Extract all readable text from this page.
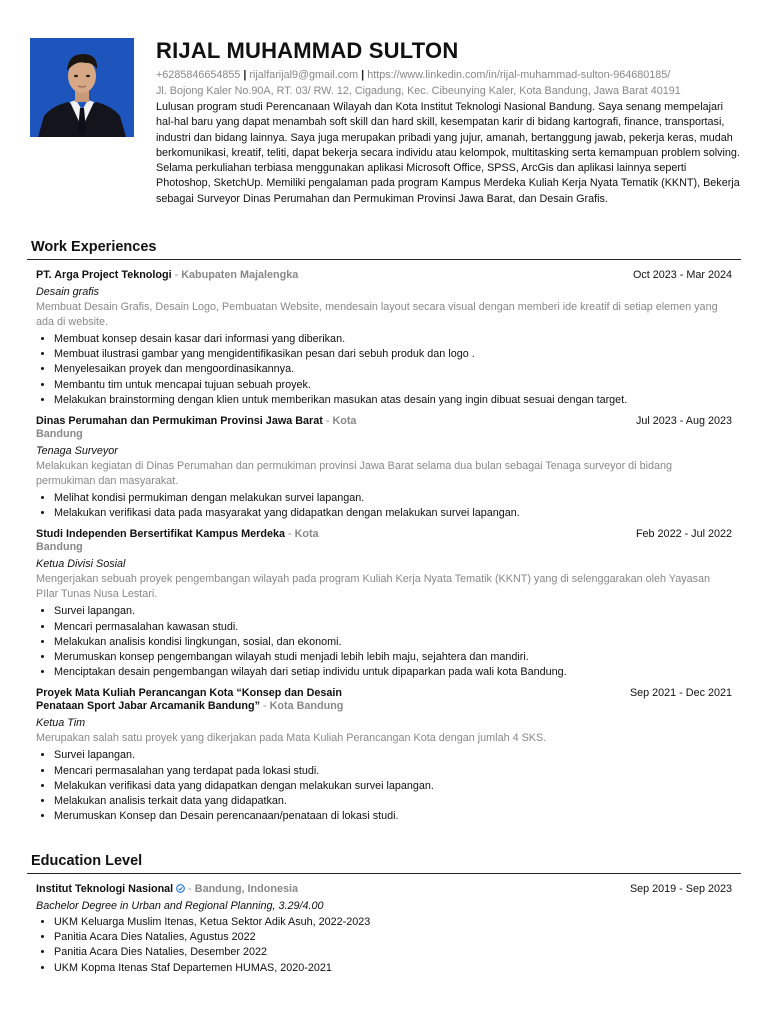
RIJAL MUHAMMAD SULTON
+6285846654855 | rijalfarijal9@gmail.com | https://www.linkedin.com/in/rijal-muhammad-sulton-964680185/
Jl. Bojong Kaler No.90A, RT. 03/ RW. 12, Cigadung, Kec. Cibeunying Kaler, Kota Bandung, Jawa Barat 40191
Lulusan program studi Perencanaan Wilayah dan Kota Institut Teknologi Nasional Bandung. Saya senang mempelajari hal-hal baru yang dapat menambah soft skill dan hard skill, kesempatan karir di bidang kartografi, finance, transportasi, industri dan bidang lainnya. Saya juga merupakan pribadi yang jujur, amanah, bertanggung jawab, pekerja keras, mudah berkomunikasi, kreatif, teliti, dapat bekerja secara individu atau kelompok, multitasking serta kemampuan problem solving. Selama perkuliahan terbiasa menggunakan aplikasi Microsoft Office, SPSS, ArcGis dan aplikasi lainnya seperti Photoshop, SketchUp. Memiliki pengalaman pada program Kampus Merdeka Kuliah Kerja Nyata Tematik (KKNT), Bekerja sebagai Surveyor Dinas Perumahan dan Permukiman Provinsi Jawa Barat, dan Desain Grafis.
Work Experiences
PT. Arga Project Teknologi - Kabupaten Majalengka	Oct 2023 - Mar 2024
Desain grafis
Membuat Desain Grafis, Desain Logo, Pembuatan Website, mendesain layout secara visual dengan memberi ide kreatif di setiap elemen yang ada di website.
• Membuat konsep desain kasar dari informasi yang diberikan.
• Membuat ilustrasi gambar yang mengidentifikasikan pesan dari sebuh produk dan logo .
• Menyelesaikan proyek dan mengoordinasikannya.
• Membantu tim untuk mencapai tujuan sebuah proyek.
• Melakukan brainstorming dengan klien untuk memberikan masukan atas desain yang ingin dibuat sesuai dengan target.
Dinas Perumahan dan Permukiman Provinsi Jawa Barat - Kota Bandung
Jul 2023 - Aug 2023
Tenaga Surveyor
Melakukan kegiatan di Dinas Perumahan dan permukiman provinsi Jawa Barat selama dua bulan sebagai Tenaga surveyor di bidang permukiman dan masyarakat.
• Melihat kondisi permukiman dengan melakukan survei lapangan.
• Melakukan verifikasi data pada masyarakat yang didapatkan dengan melakukan survei lapangan.
Studi Independen Bersertifikat Kampus Merdeka - Kota Bandung
Feb 2022 - Jul 2022
Ketua Divisi Sosial
Mengerjakan sebuah proyek pengembangan wilayah pada program Kuliah Kerja Nyata Tematik (KKNT) yang di selenggarakan oleh Yayasan PIlar Tunas Nusa Lestari.
• Survei lapangan.
• Mencari permasalahan kawasan studi.
• Melakukan analisis kondisi lingkungan, sosial, dan ekonomi.
• Merumuskan konsep pengembangan wilayah studi menjadi lebih lebih maju, sejahtera dan mandiri.
• Menciptakan desain pengembangan wilayah dari setiap individu untuk dipaparkan pada wali kota Bandung.
Proyek Mata Kuliah Perancangan Kota “Konsep dan Desain Penataan Sport Jabar Arcamanik Bandung” - Kota Bandung
Sep 2021 - Dec 2021
Ketua Tim
Merupakan salah satu proyek yang dikerjakan pada Mata Kuliah Perancangan Kota dengan jumlah 4 SKS.
• Survei lapangan.
• Mencari permasalahan yang terdapat pada lokasi studi.
• Melakukan verifikasi data yang didapatkan dengan melakukan survei lapangan.
• Melakukan analisis terkait data yang didapatkan.
• Merumuskan Konsep dan Desain perencanaan/penataan di lokasi studi.
Education Level
Institut Teknologi Nasional - Bandung, Indonesia	Sep 2019 - Sep 2023
Bachelor Degree in Urban and Regional Planning, 3.29/4.00
• UKM Keluarga Muslim Itenas, Ketua Sektor Adik Asuh, 2022-2023
• Panitia Acara Dies Natalies, Agustus 2022
• Panitia Acara Dies Natalies, Desember 2022
• UKM Kopma Itenas Staf Departemen HUMAS, 2020-2021
